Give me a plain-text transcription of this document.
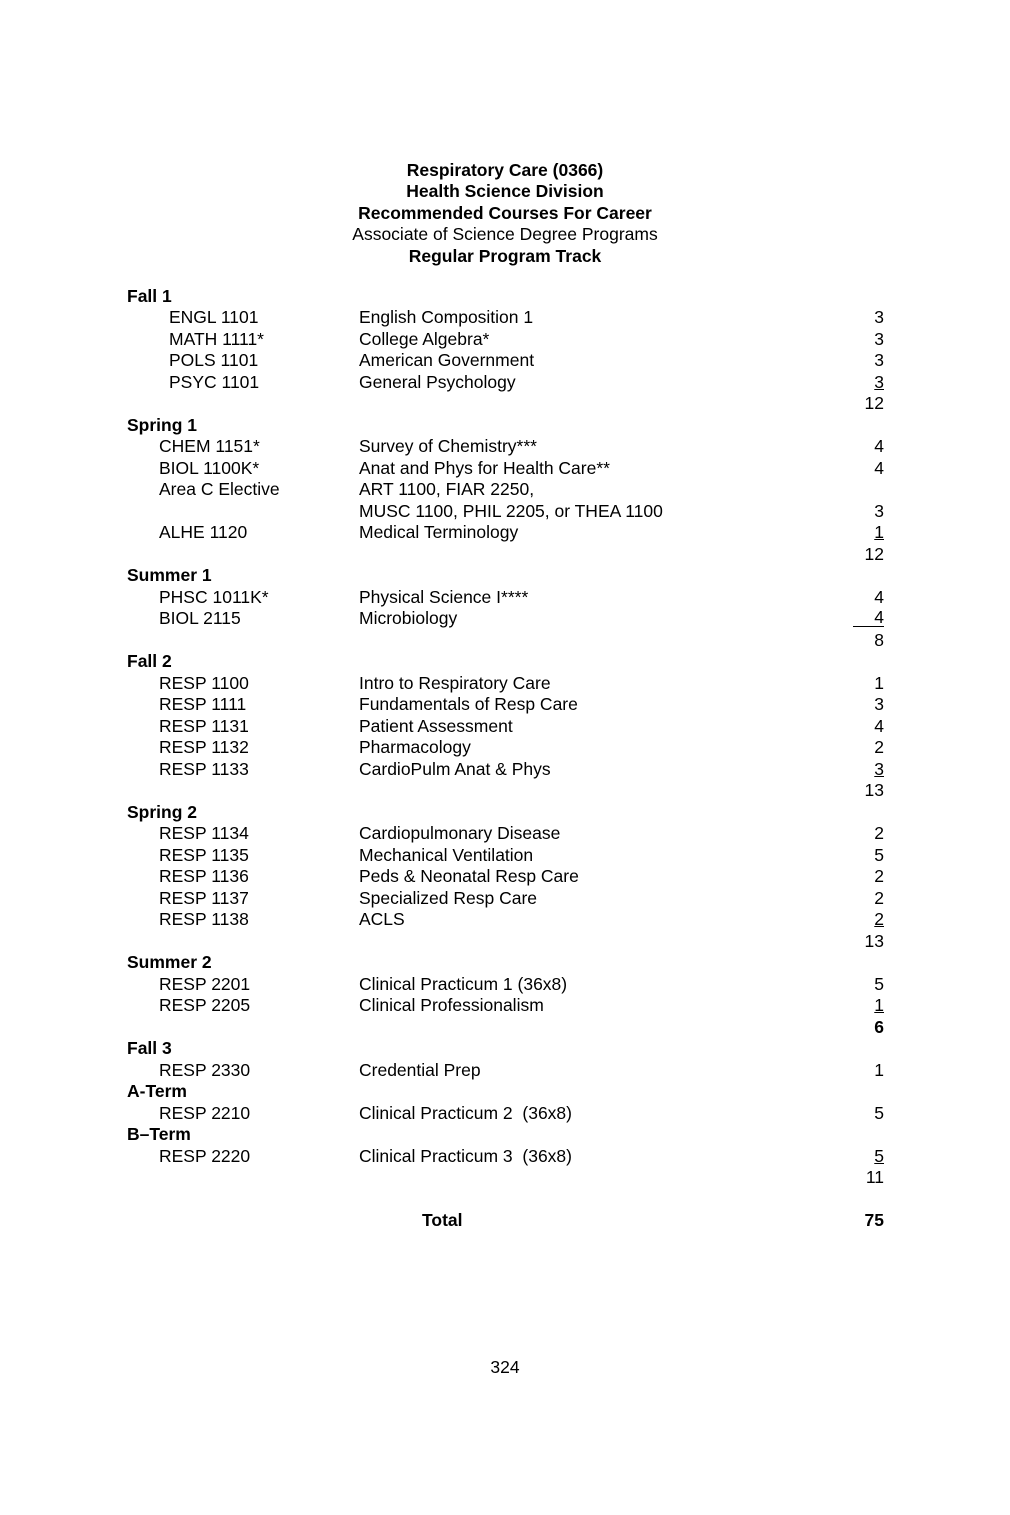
Respiratory Care (0366)
Health Science Division
Recommended Courses For Career
Associate of Science Degree Programs
Regular Program Track
Fall 1
ENGL 1101	English Composition 1	3
MATH 1111*	College Algebra*	3
POLS 1101	American Government	3
PSYC 1101	General Psychology	3
12
Spring 1
CHEM 1151*	Survey of Chemistry***	4
BIOL 1100K*	Anat and Phys for Health Care**	4
Area C Elective	ART 1100, FIAR 2250,
MUSC 1100, PHIL 2205, or THEA 1100	3
ALHE 1120	Medical Terminology	1
12
Summer 1
PHSC 1011K*	Physical Science I****	4
BIOL 2115	Microbiology	4
8
Fall 2
RESP 1100	Intro to Respiratory Care	1
RESP 1111	Fundamentals of Resp Care	3
RESP 1131	Patient Assessment	4
RESP 1132	Pharmacology	2
RESP 1133	CardioPulm Anat & Phys	3
13
Spring 2
RESP 1134	Cardiopulmonary Disease	2
RESP 1135	Mechanical Ventilation	5
RESP 1136	Peds & Neonatal Resp Care	2
RESP 1137	Specialized Resp Care	2
RESP 1138	ACLS	2
13
Summer 2
RESP 2201	Clinical Practicum 1 (36x8)	5
RESP 2205	Clinical Professionalism	1
6
Fall 3
RESP 2330	Credential Prep	1
A-Term
RESP 2210	Clinical Practicum 2  (36x8)	5
B–Term
RESP 2220	Clinical Practicum 3  (36x8)	5
11
Total	75
324
